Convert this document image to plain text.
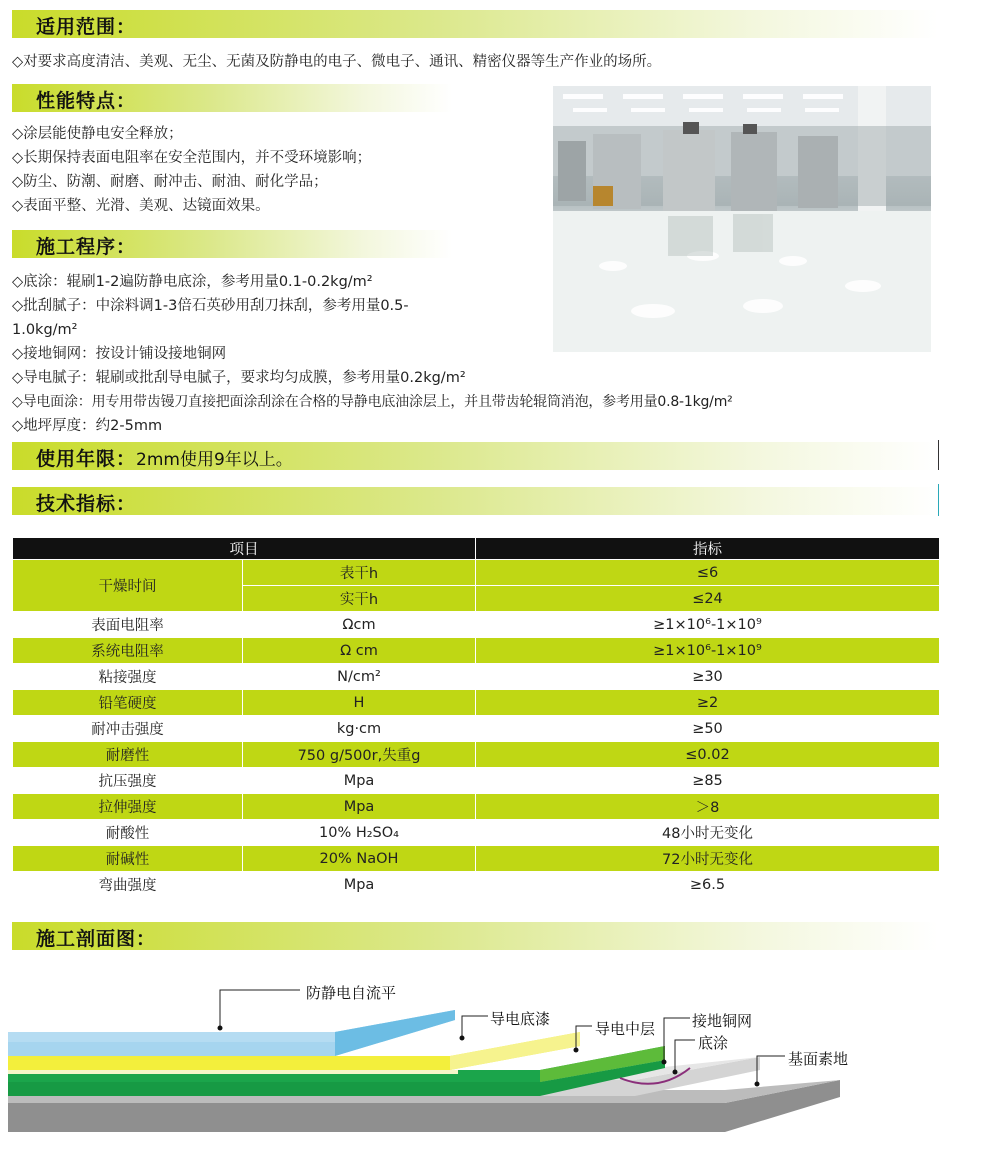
适用范围：
◇对要求高度清洁、美观、无尘、无菌及防静电的电子、微电子、通讯、精密仪器等生产作业的场所。
性能特点：
◇涂层能使静电安全释放；
◇长期保持表面电阻率在安全范围内，并不受环境影响；
◇防尘、防潮、耐磨、耐冲击、耐油、耐化学品；
◇表面平整、光滑、美观、达镜面效果。
施工程序：
◇底涂：辊刷1-2遍防静电底涂，参考用量0.1-0.2kg/m²
◇批刮腻子：中涂料调1-3倍石英砂用刮刀抹刮，参考用量0.5-
1.0kg/m²
◇接地铜网：按设计铺设接地铜网
◇导电腻子：辊刷或批刮导电腻子，要求均匀成膜，参考用量0.2kg/m²
◇导电面涂：用专用带齿镘刀直接把面涂刮涂在合格的导静电底油涂层上，并且带齿轮辊筒消泡，参考用量0.8-1kg/m²
◇地坪厚度：约2-5mm
使用年限：2mm使用9年以上。
技术指标：
项目		指标
干燥时间	表干h	≤6
	实干h	≤24
表面电阻率	Ωcm	≥1×10⁶-1×10⁹
系统电阻率	Ω cm	≥1×10⁶-1×10⁹
粘接强度	N/cm²	≥30
铅笔硬度	H	≥2
耐冲击强度	kg·cm	≥50
耐磨性	750 g/500r,失重g	≤0.02
抗压强度	Mpa	≥85
拉伸强度	Mpa	＞8
耐酸性	10% H₂SO₄	48小时无变化
耐碱性	20% NaOH	72小时无变化
弯曲强度	Mpa	≥6.5
施工剖面图：
防静电自流平
导电底漆
导电中层 接地铜网
底涂
基面素地
